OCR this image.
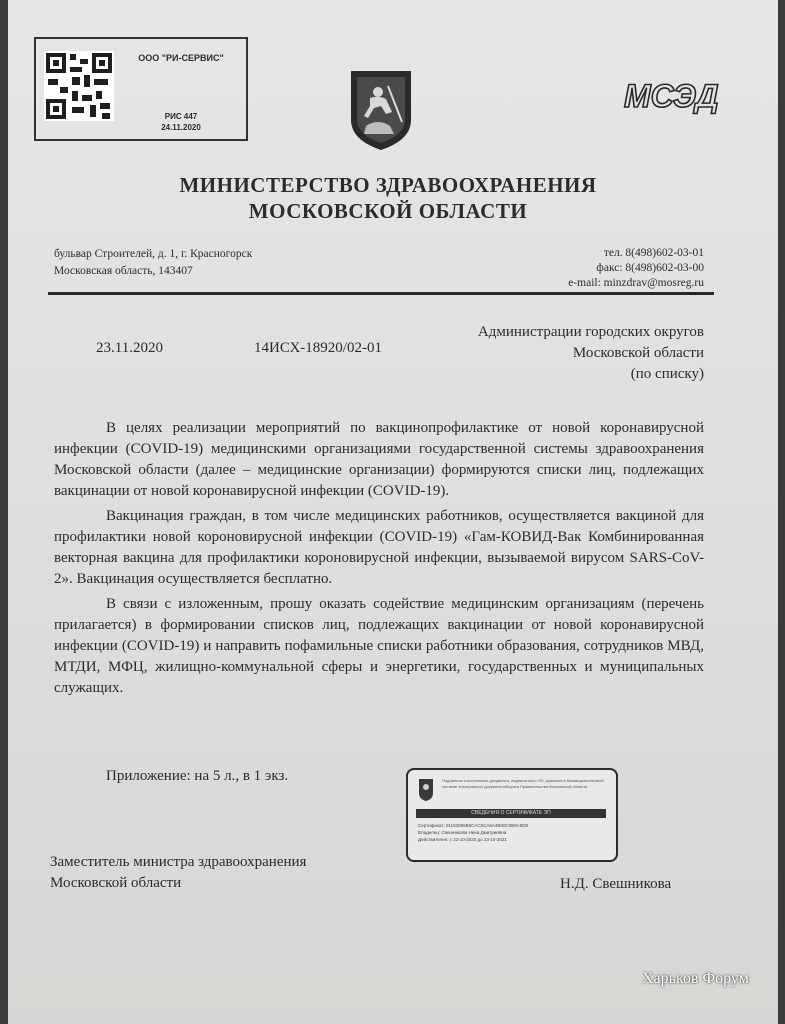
ООО "РИ-СЕРВИС"
РИС 447
24.11.2020
МСЭД
МИНИСТЕРСТВО ЗДРАВООХРАНЕНИЯ
МОСКОВСКОЙ ОБЛАСТИ
бульвар Строителей, д. 1, г. Красногорск
Московская область, 143407
тел. 8(498)602-03-01
факс: 8(498)602-03-00
e-mail: minzdrav@mosreg.ru
23.11.2020	14ИСХ-18920/02-01
Администрации городских округов
Московской области
(по списку)

В целях реализации мероприятий по вакцинопрофилактике от новой коронавирусной инфекции (COVID-19) медицинскими организациями государственной системы здравоохранения Московской области (далее – медицинские организации) формируются списки лиц, подлежащих вакцинации от новой коронавирусной инфекции (COVID-19).

Вакцинация граждан, в том числе медицинских работников, осуществляется вакциной для профилактики новой короновирусной инфекции (COVID-19) «Гам-КОВИД-Вак Комбинированная векторная вакцина для профилактики короновирусной инфекции, вызываемой вирусом SARS-CoV-2». Вакцинация осуществляется бесплатно.

В связи с изложенным, прошу оказать содействие медицинским организациям (перечень прилагается) в формировании списков лиц, подлежащих вакцинации от новой коронавирусной инфекции (COVID-19) и направить пофамильные списки работники образования, сотрудников МВД, МТДИ, МФЦ, жилищно-коммунальной сферы и энергетики, государственных и муниципальных служащих.

Приложение: на 5 л., в 1 экз.	Подлинник электронного документа, подписанного ЭП, хранится в Межведомственной системе электронного документооборота Правительства Московской области
СВЕДЕНИЯ О СЕРТИФИКАТЕ ЭП
Сертификат: 01103099B9CAC0CA5A4B90C0B9A5D9
Владелец: Свешникова Нина Дмитриевна
Действителен: с 23-10-2020 до 23-10-2021
Заместитель министра здравоохранения
Московской области	Н.Д. Свешникова
Харьков Форум
